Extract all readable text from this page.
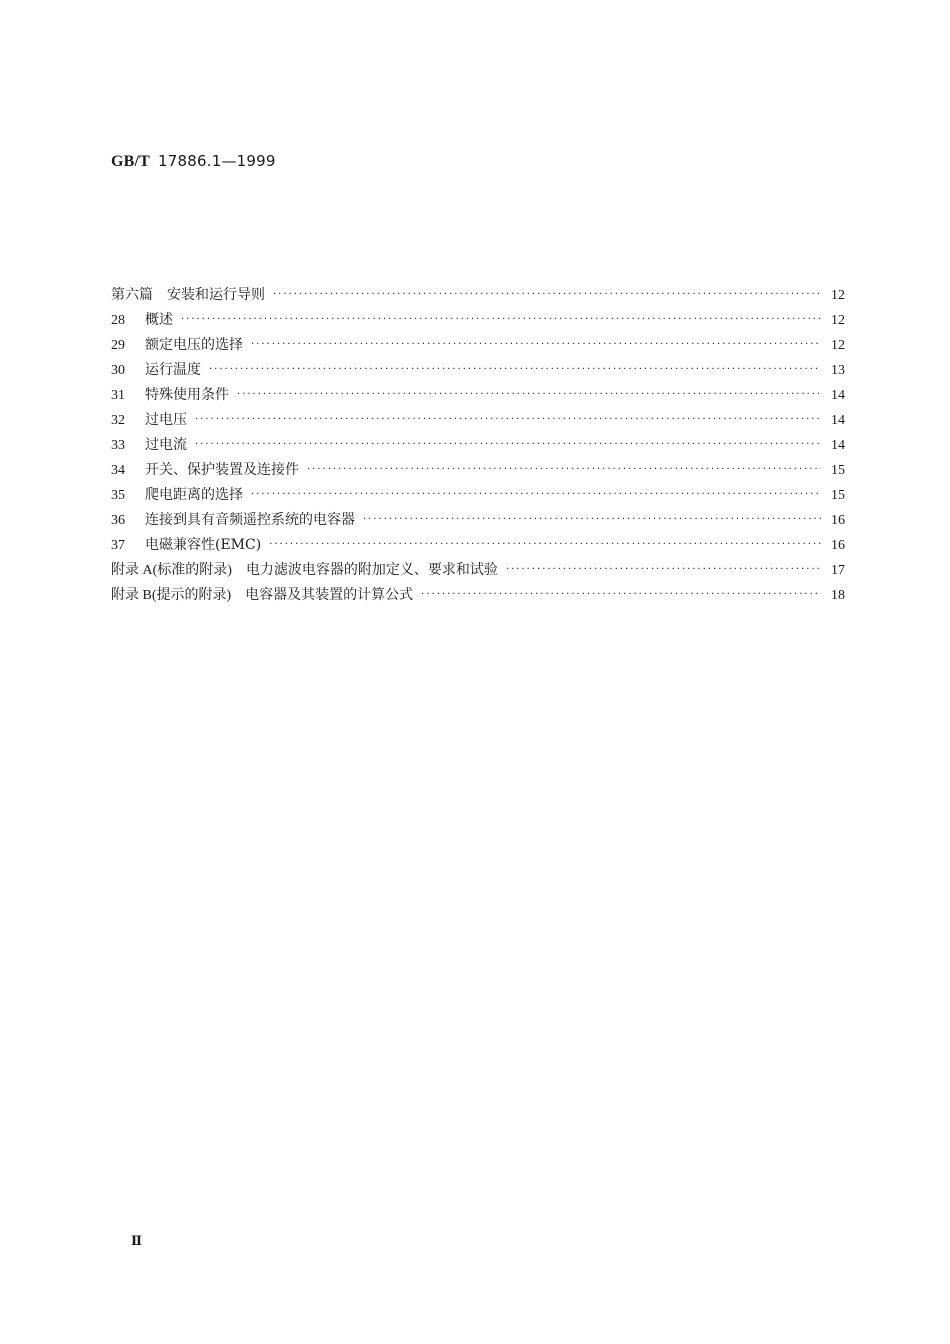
GB/T 17886.1—1999
第六篇 安装和运行导则 ·····	12
28 概述 ·····	12
29 额定电压的选择 ·····	12
30 运行温度 ·····	13
31 特殊使用条件 ·····	14
32 过电压 ·····	14
33 过电流 ·····	14
34 开关、保护装置及连接件 ·····	15
35 爬电距离的选择 ·····	15
36 连接到具有音频遥控系统的电容器 ·····	16
37 电磁兼容性(EMC) ·····	16
附录 A(标准的附录) 电力滤波电容器的附加定义、要求和试验 ·····	17
附录 B(提示的附录) 电容器及其装置的计算公式 ·····	18
Ⅱ
